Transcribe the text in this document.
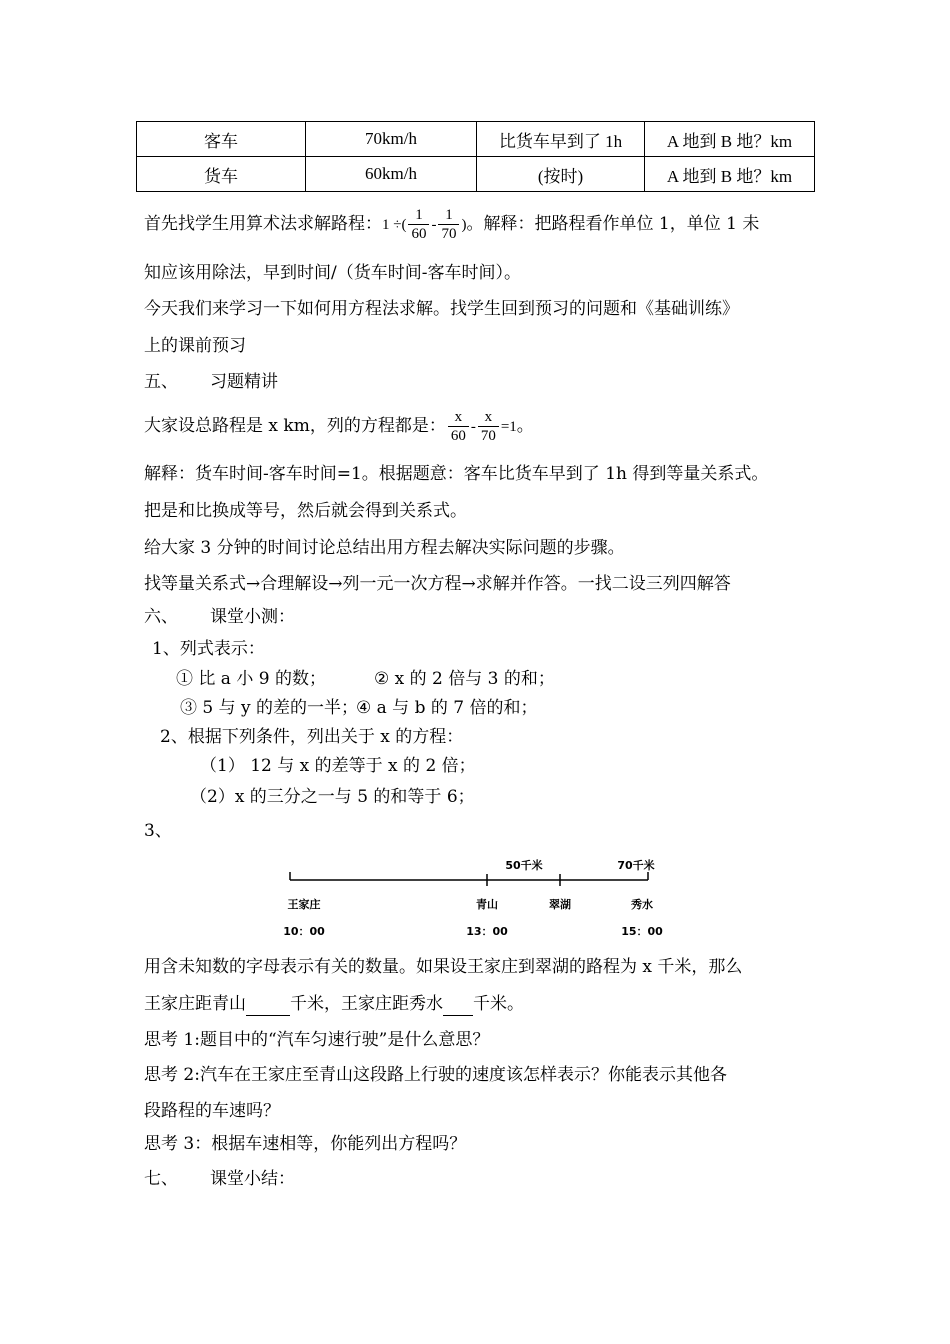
客车	70km/h	比货车早到了 1h	A 地到 B 地？km
货车	60km/h	(按时)	A 地到 B 地？km
首先找学生用算术法求解路程：1 ÷( $\frac{1}{60} - \frac{1}{70}$ )。解释：把路程看作单位 1，单位 1 未
知应该用除法，早到时间/（货车时间-客车时间）。
今天我们来学习一下如何用方程法求解。找学生回到预习的问题和《基础训练》
上的课前预习
五、 习题精讲
大家设总路程是 x km，列的方程都是： $\frac{x}{60} - \frac{x}{70} =1$。
解释：货车时间-客车时间=1。根据题意：客车比货车早到了 1h 得到等量关系式。
把是和比换成等号，然后就会得到关系式。
给大家 3 分钟的时间讨论总结出用方程去解决实际问题的步骤。
找等量关系式→合理解设→列一元一次方程→求解并作答。一找二设三列四解答
六、 课堂小测：
1、列式表示：
① 比 a 小 9 的数；	② x 的 2 倍与 3 的和；
③ 5 与 y 的差的一半；
④ a 与 b 的 7 倍的和；
2、根据下列条件，列出关于 x 的方程：
（1） 12 与 x 的差等于 x 的 2 倍；
（2）x 的三分之一与 5 的和等于 6；
3、
50千米	70千米
王家庄	青山	翠湖	秀水
10：00	13：00	15：00
用含未知数的字母表示有关的数量。如果设王家庄到翠湖的路程为 x 千米，那么
王家庄距青山	千米，王家庄距秀水 千米。
思考 1:题目中的“汽车匀速行驶”是什么意思？
思考 2:汽车在王家庄至青山这段路上行驶的速度该怎样表示？你能表示其他各
段路程的车速吗？
思考 3：根据车速相等，你能列出方程吗？
七、 课堂小结：
